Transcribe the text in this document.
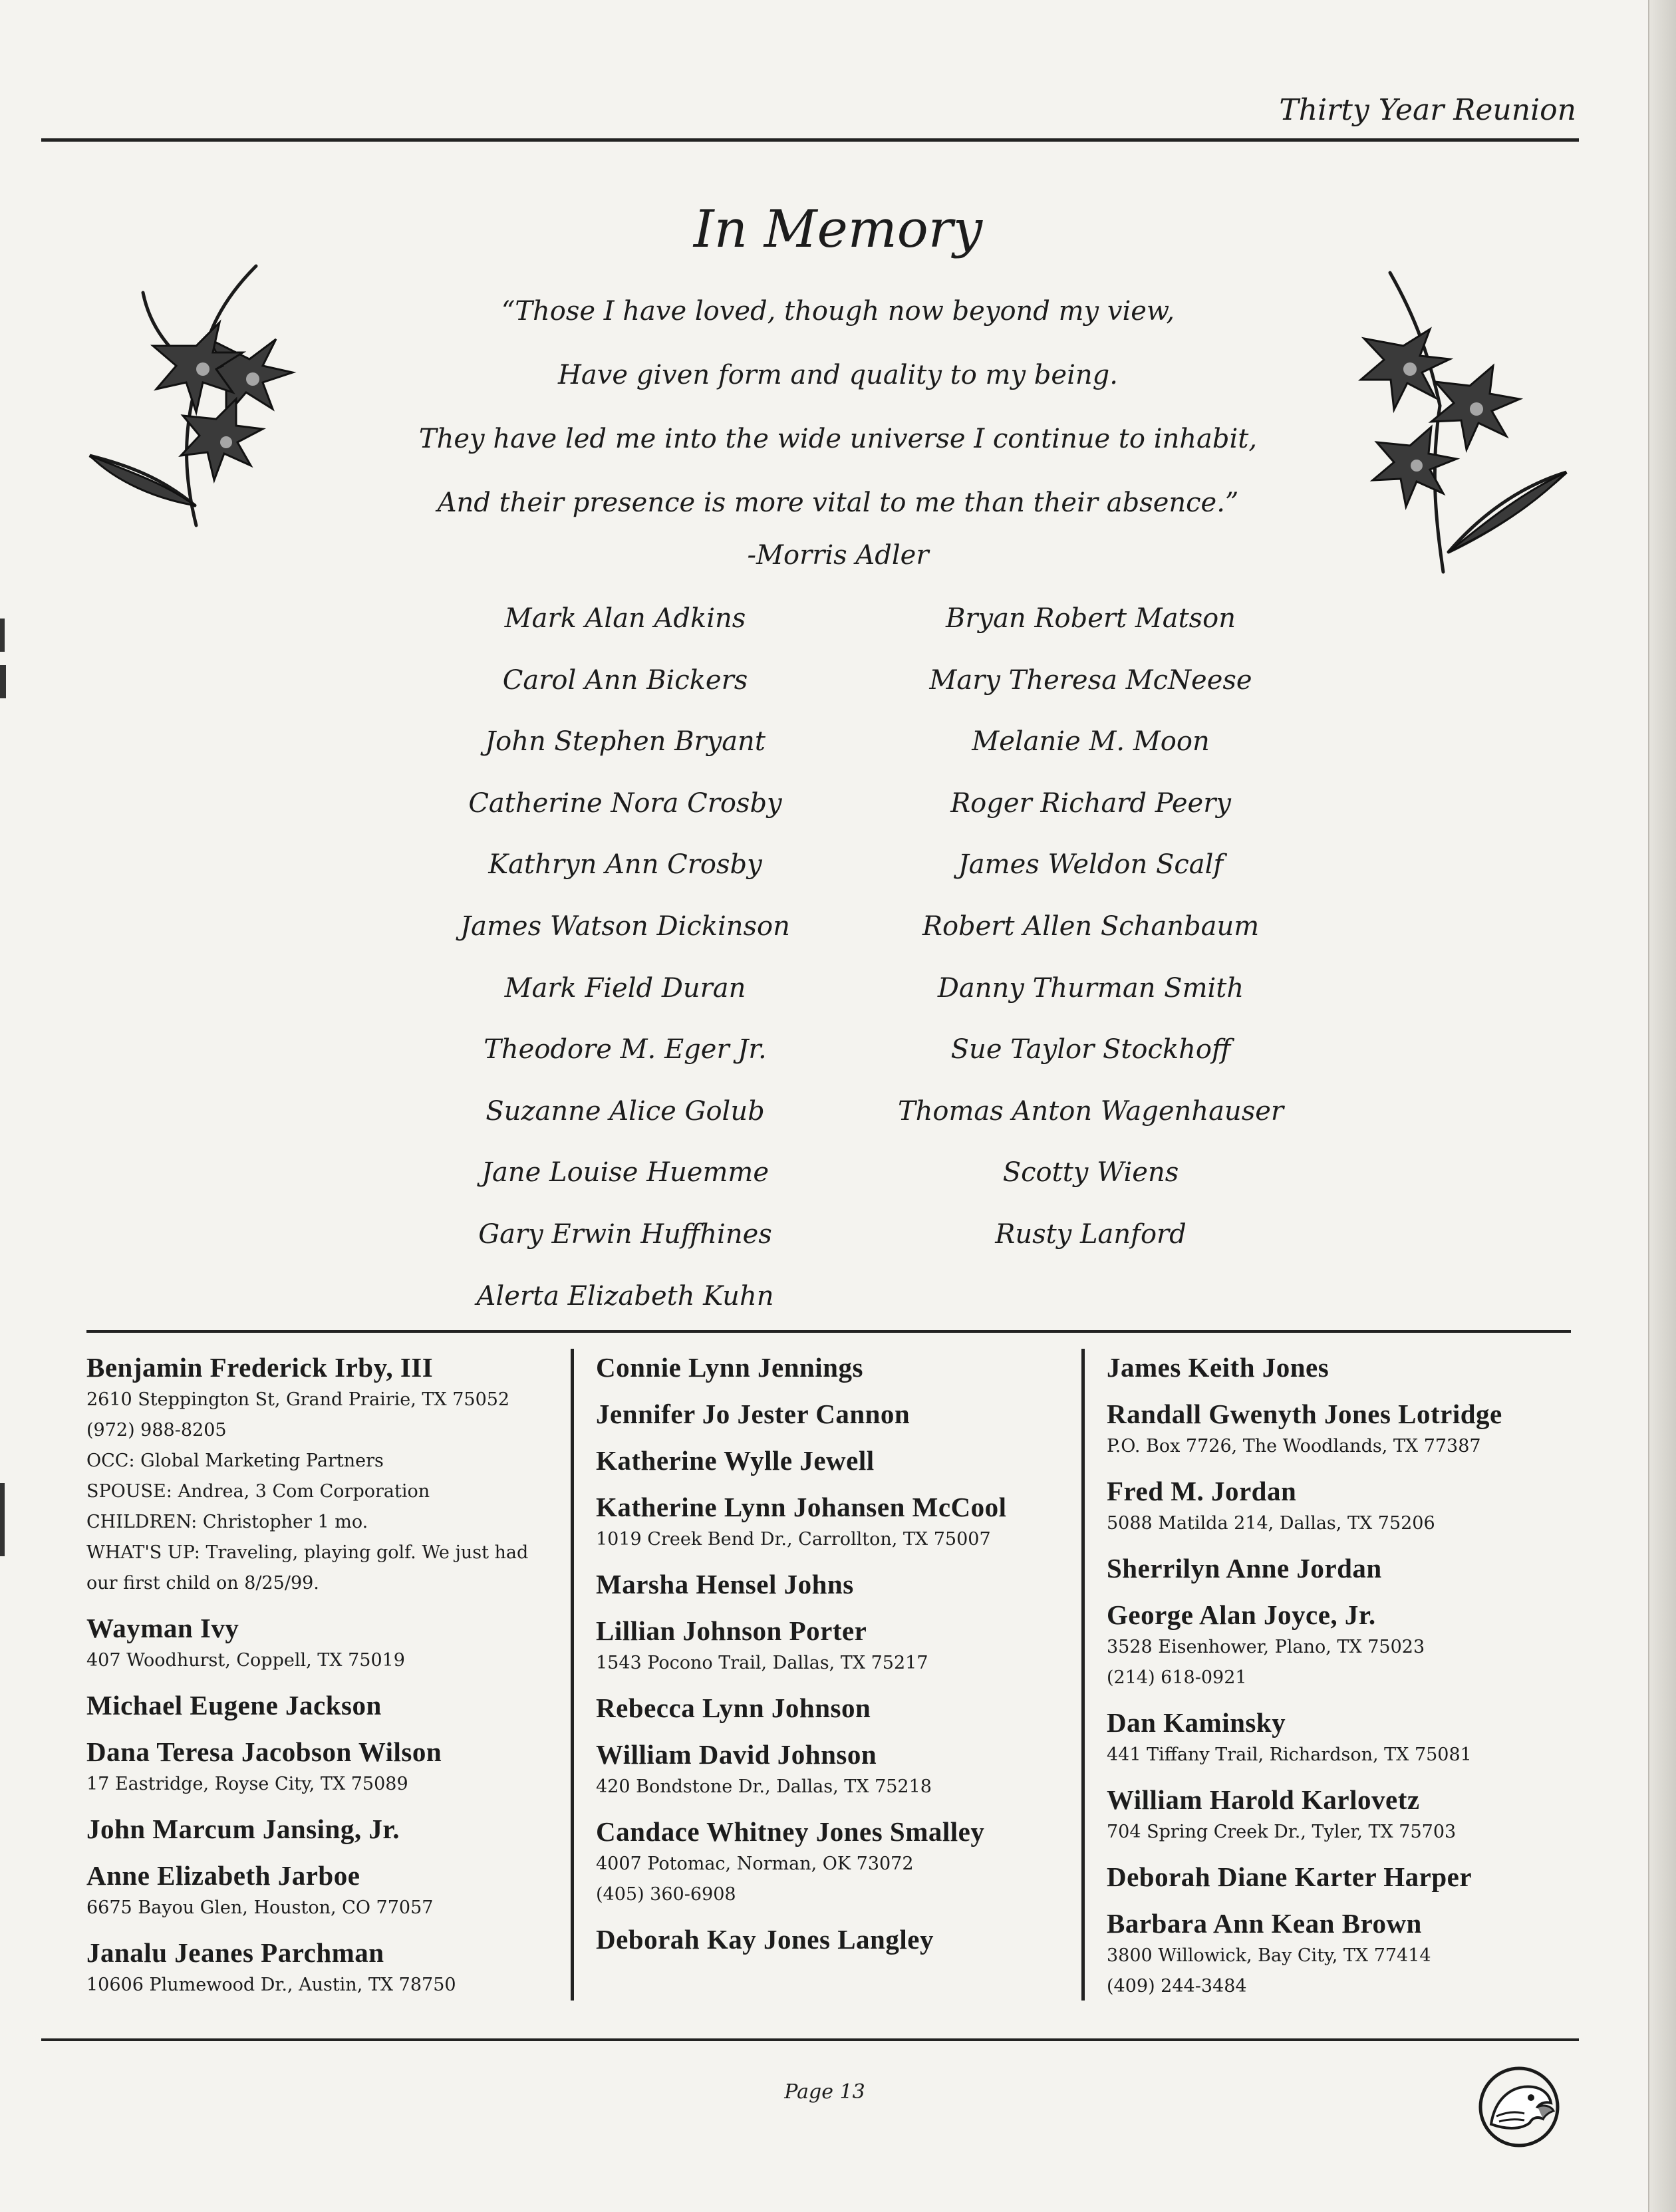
Thirty Year Reunion
In Memory
“Those I have loved, though now beyond my view,
Have given form and quality to my being.
They have led me into the wide universe I continue to inhabit,
And their presence is more vital to me than their absence.”
-Morris Adler
Mark Alan Adkins
Carol Ann Bickers
John Stephen Bryant
Catherine Nora Crosby
Kathryn Ann Crosby
James Watson Dickinson
Mark Field Duran
Theodore M. Eger Jr.
Suzanne Alice Golub
Jane Louise Huemme
Gary Erwin Huffhines
Alerta Elizabeth Kuhn
Bryan Robert Matson
Mary Theresa McNeese
Melanie M. Moon
Roger Richard Peery
James Weldon Scalf
Robert Allen Schanbaum
Danny Thurman Smith
Sue Taylor Stockhoff
Thomas Anton Wagenhauser
Scotty Wiens
Rusty Lanford
Benjamin Frederick Irby, III
2610 Steppington St, Grand Prairie, TX 75052
(972) 988-8205
OCC: Global Marketing Partners
SPOUSE: Andrea, 3 Com Corporation
CHILDREN: Christopher 1 mo.
WHAT'S UP: Traveling, playing golf. We just had
our first child on 8/25/99.
Wayman Ivy
407 Woodhurst, Coppell, TX 75019
Michael Eugene Jackson
Dana Teresa Jacobson Wilson
17 Eastridge, Royse City, TX 75089
John Marcum Jansing, Jr.
Anne Elizabeth Jarboe
6675 Bayou Glen, Houston, CO 77057
Janalu Jeanes Parchman
10606 Plumewood Dr., Austin, TX 78750
Connie Lynn Jennings
Jennifer Jo Jester Cannon
Katherine Wylle Jewell
Katherine Lynn Johansen McCool
1019 Creek Bend Dr., Carrollton, TX 75007
Marsha Hensel Johns
Lillian Johnson Porter
1543 Pocono Trail, Dallas, TX 75217
Rebecca Lynn Johnson
William David Johnson
420 Bondstone Dr., Dallas, TX 75218
Candace Whitney Jones Smalley
4007 Potomac, Norman, OK 73072
(405) 360-6908
Deborah Kay Jones Langley
James Keith Jones
Randall Gwenyth Jones Lotridge
P.O. Box 7726, The Woodlands, TX 77387
Fred M. Jordan
5088 Matilda 214, Dallas, TX 75206
Sherrilyn Anne Jordan
George Alan Joyce, Jr.
3528 Eisenhower, Plano, TX 75023
(214) 618-0921
Dan Kaminsky
441 Tiffany Trail, Richardson, TX 75081
William Harold Karlovetz
704 Spring Creek Dr., Tyler, TX 75703
Deborah Diane Karter Harper
Barbara Ann Kean Brown
3800 Willowick, Bay City, TX 77414
(409) 244-3484
Page 13
